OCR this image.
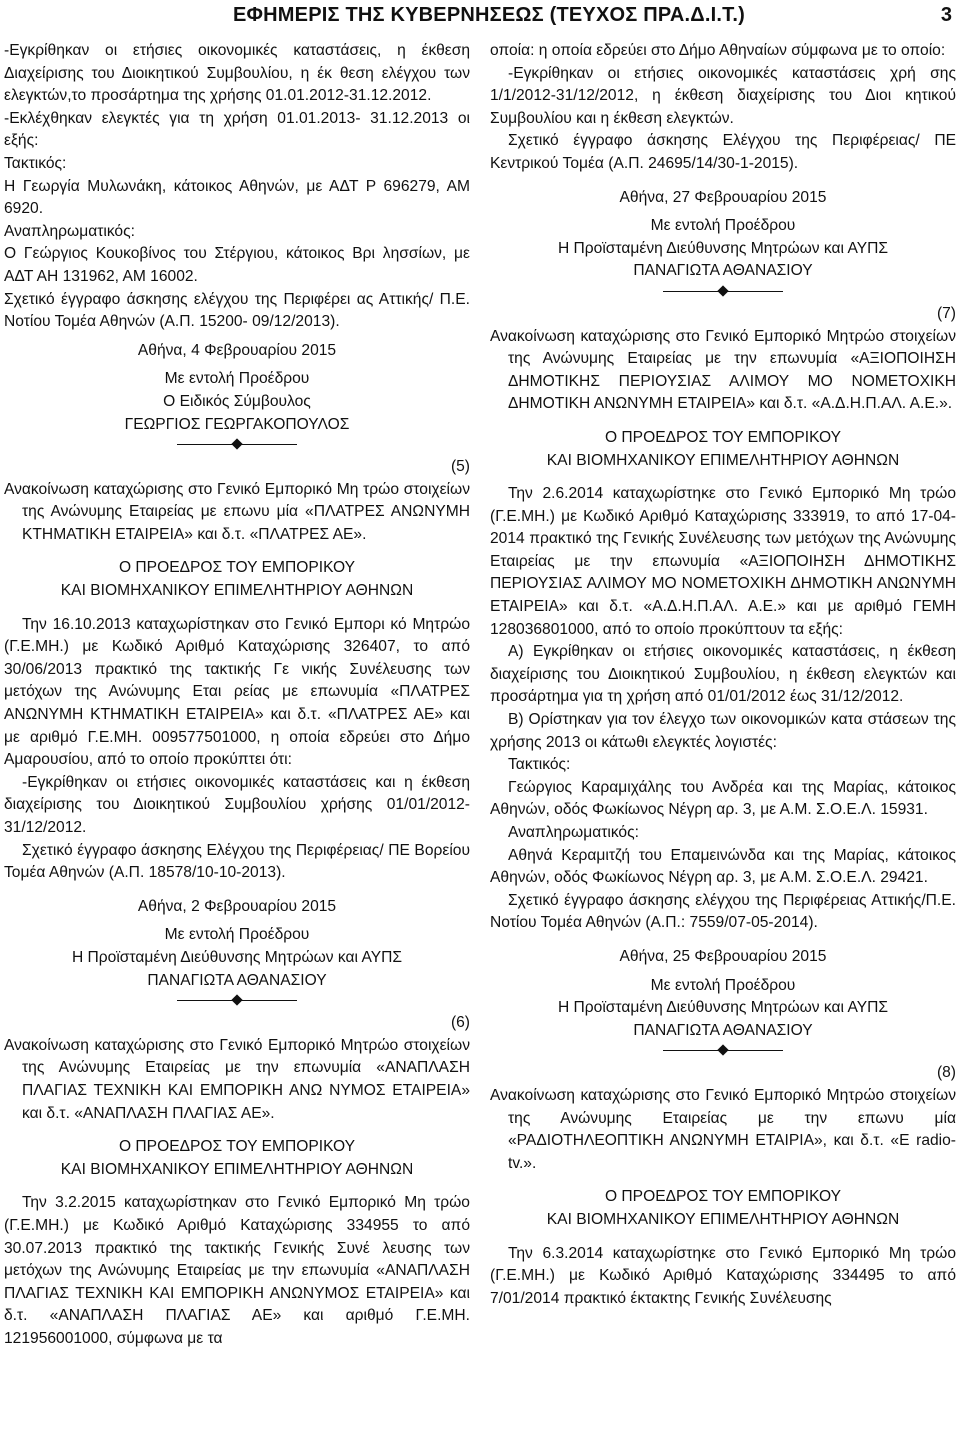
ΕΦΗΜΕΡΙΣ ΤΗΣ ΚΥΒΕΡΝΗΣΕΩΣ (ΤΕΥΧΟΣ ΠΡΑ.Δ.Ι.Τ.)	3

-Εγκρίθηκαν οι ετήσιες οικονομικές καταστάσεις, η έκθεση Διαχείρισης του Διοικητικού Συμβουλίου, η έκ θεση ελέγχου των ελεγκτών,το προσάρτημα της χρήσης 01.01.2012-31.12.2012.

-Εκλέχθηκαν ελεγκτές για τη χρήση 01.01.2013- 31.12.2013 οι εξής:

Τακτικός:

Η Γεωργία Μυλωνάκη, κάτοικος Αθηνών, με ΑΔΤ Ρ 696279, ΑΜ 6920.

Αναπληρωματικός:

Ο Γεώργιος Κουκοβίνος του Στέργιου, κάτοικος Βρι λησσίων, με ΑΔΤ ΑΗ 131962, ΑΜ 16002.

Σχετικό έγγραφο άσκησης ελέγχου της Περιφέρει ας Αττικής/ Π.Ε. Νοτίου Τομέα Αθηνών (Α.Π. 15200- 09/12/2013).

Αθήνα, 4 Φεβρουαρίου 2015

Με εντολή Προέδρου

Ο Ειδικός Σύμβουλος

ΓΕΩΡΓΙΟΣ ΓΕΩΡΓΑΚΟΠΟΥΛΟΣ

(5)

Ανακοίνωση καταχώρισης στο Γενικό Εμπορικό Μη τρώο στοιχείων της Ανώνυμης Εταιρείας με επωνυ μία «ΠΛΑΤΡΕΣ ΑΝΩΝΥΜΗ ΚΤΗΜΑΤΙΚΗ ΕΤΑΙΡΕΙΑ» και δ.τ. «ΠΛΑΤΡΕΣ ΑΕ».

Ο ΠΡΟΕΔΡΟΣ ΤΟΥ ΕΜΠΟΡΙΚΟΥ

ΚΑΙ ΒΙΟΜΗΧΑΝΙΚΟΥ ΕΠΙΜΕΛΗΤΗΡΙΟΥ ΑΘΗΝΩΝ

Την 16.10.2013 καταχωρίστηκαν στο Γενικό Εμπορι κό Μητρώο (Γ.Ε.ΜΗ.) με Κωδικό Αριθμό Καταχώρισης 326407, το από 30/06/2013 πρακτικό της τακτικής Γε νικής Συνέλευσης των μετόχων της Ανώνυμης Εται ρείας με επωνυμία «ΠΛΑΤΡΕΣ ΑΝΩΝΥΜΗ ΚΤΗΜΑΤΙΚΗ ΕΤΑΙΡΕΙΑ» και δ.τ. «ΠΛΑΤΡΕΣ ΑΕ» και με αριθμό Γ.Ε.ΜΗ. 009577501000, η οποία εδρεύει στο Δήμο Αμαρουσίου, από το οποίο προκύπτει ότι:

-Εγκρίθηκαν οι ετήσιες οικονομικές καταστάσεις και η έκθεση διαχείρισης του Διοικητικού Συμβουλίου χρήσης 01/01/2012-31/12/2012.

Σχετικό έγγραφο άσκησης Ελέγχου της Περιφέρειας/ ΠΕ Βορείου Τομέα Αθηνών (Α.Π. 18578/10-10-2013).

Αθήνα, 2 Φεβρουαρίου 2015

Με εντολή Προέδρου

Η Προϊσταμένη Διεύθυνσης Μητρώων και ΑΥΠΣ

ΠΑΝΑΓΙΩΤΑ ΑΘΑΝΑΣΙΟΥ

(6)

Ανακοίνωση καταχώρισης στο Γενικό Εμπορικό Μητρώο στοιχείων της Ανώνυμης Εταιρείας με την επωνυμία «ΑΝΑΠΛΑΣΗ ΠΛΑΓΙΑΣ ΤΕΧΝΙΚΗ ΚΑΙ ΕΜΠΟΡΙΚΗ ΑΝΩ ΝΥΜΟΣ ΕΤΑΙΡΕΙΑ» και δ.τ. «ΑΝΑΠΛΑΣΗ ΠΛΑΓΙΑΣ ΑΕ».

Ο ΠΡΟΕΔΡΟΣ ΤΟΥ ΕΜΠΟΡΙΚΟΥ

ΚΑΙ ΒΙΟΜΗΧΑΝΙΚΟΥ ΕΠΙΜΕΛΗΤΗΡΙΟΥ ΑΘΗΝΩΝ

Την 3.2.2015 καταχωρίστηκαν στο Γενικό Εμπορικό Μη τρώο (Γ.Ε.ΜΗ.) με Κωδικό Αριθμό Καταχώρισης 334955 το από 30.07.2013 πρακτικό της τακτικής Γενικής Συνέ λευσης των μετόχων της Ανώνυμης Εταιρείας με την επωνυμία «ΑΝΑΠΛΑΣΗ ΠΛΑΓΙΑΣ ΤΕΧΝΙΚΗ ΚΑΙ ΕΜΠΟΡΙΚΗ ΑΝΩΝΥΜΟΣ ΕΤΑΙΡΕΙΑ» και δ.τ. «ΑΝΑΠΛΑΣΗ ΠΛΑΓΙΑΣ ΑΕ» και αριθμό Γ.Ε.ΜΗ. 121956001000, σύμφωνα με τα

οποία: η οποία εδρεύει στο Δήμο Αθηναίων σύμφωνα με το οποίο:

-Εγκρίθηκαν οι ετήσιες οικονομικές καταστάσεις χρή σης 1/1/2012-31/12/2012, η έκθεση διαχείρισης του Διοι κητικού Συμβουλίου και η έκθεση ελεγκτών.

Σχετικό έγγραφο άσκησης Ελέγχου της Περιφέρειας/ ΠΕ Κεντρικού Τομέα (Α.Π. 24695/14/30-1-2015).

Αθήνα, 27 Φεβρουαρίου 2015

Με εντολή Προέδρου

Η Προϊσταμένη Διεύθυνσης Μητρώων και ΑΥΠΣ

ΠΑΝΑΓΙΩΤΑ ΑΘΑΝΑΣΙΟΥ

(7)

Ανακοίνωση καταχώρισης στο Γενικό Εμπορικό Μητρώο στοιχείων της Ανώνυμης Εταιρείας με την επωνυμία «ΑΞΙΟΠΟΙΗΣΗ ΔΗΜΟΤΙΚΗΣ ΠΕΡΙΟΥΣΙΑΣ ΑΛΙΜΟΥ ΜΟ ΝΟΜΕΤΟΧΙΚΗ ΔΗΜΟΤΙΚΗ ΑΝΩΝΥΜΗ ΕΤΑΙΡΕΙΑ» και δ.τ. «Α.Δ.Η.Π.ΑΛ. Α.Ε.».

Ο ΠΡΟΕΔΡΟΣ ΤΟΥ ΕΜΠΟΡΙΚΟΥ

ΚΑΙ ΒΙΟΜΗΧΑΝΙΚΟΥ ΕΠΙΜΕΛΗΤΗΡΙΟΥ ΑΘΗΝΩΝ

Την 2.6.2014 καταχωρίστηκε στο Γενικό Εμπορικό Μη τρώο (Γ.Ε.ΜΗ.) με Κωδικό Αριθμό Καταχώρισης 333919, το από 17-04-2014 πρακτικό της Γενικής Συνέλευσης των μετόχων της Ανώνυμης Εταιρείας με την επωνυμία «ΑΞΙΟΠΟΙΗΣΗ ΔΗΜΟΤΙΚΗΣ ΠΕΡΙΟΥΣΙΑΣ ΑΛΙΜΟΥ ΜΟ ΝΟΜΕΤΟΧΙΚΗ ΔΗΜΟΤΙΚΗ ΑΝΩΝΥΜΗ ΕΤΑΙΡΕΙΑ» και δ.τ. «Α.Δ.Η.Π.ΑΛ. Α.Ε.» και με αριθμό ΓΕΜΗ 128036801000, από το οποίο προκύπτουν τα εξής:

Α) Εγκρίθηκαν οι ετήσιες οικονομικές καταστάσεις, η έκθεση διαχείρισης του Διοικητικού Συμβουλίου, η έκθεση ελεγκτών και προσάρτημα για τη χρήση από 01/01/2012 έως 31/12/2012.

Β) Ορίστηκαν για τον έλεγχο των οικονομικών κατα στάσεων της χρήσης 2013 οι κάτωθι ελεγκτές λογιστές:

Τακτικός:

Γεώργιος Καραμιχάλης του Ανδρέα και της Μαρίας, κάτοικος Αθηνών, οδός Φωκίωνος Νέγρη αρ. 3, με Α.Μ. Σ.Ο.Ε.Λ. 15931.

Αναπληρωματικός:

Αθηνά Κεραμιτζή του Επαμεινώνδα και της Μαρίας, κάτοικος Αθηνών, οδός Φωκίωνος Νέγρη αρ. 3, με Α.Μ. Σ.Ο.Ε.Λ. 29421.

Σχετικό έγγραφο άσκησης ελέγχου της Περιφέρειας Αττικής/Π.Ε. Νοτίου Τομέα Αθηνών (Α.Π.: 7559/07-05-2014).

Αθήνα, 25 Φεβρουαρίου 2015

Με εντολή Προέδρου

Η Προϊσταμένη Διεύθυνσης Μητρώων και ΑΥΠΣ

ΠΑΝΑΓΙΩΤΑ ΑΘΑΝΑΣΙΟΥ

(8)

Ανακοίνωση καταχώρισης στο Γενικό Εμπορικό Μητρώο στοιχείων της Ανώνυμης Εταιρείας με την επωνυ μία «ΡΑΔΙΟΤΗΛΕΟΠΤΙΚΗ ΑΝΩΝΥΜΗ ΕΤΑΙΡΙΑ», και δ.τ. «Ε radio-tv.».

Ο ΠΡΟΕΔΡΟΣ ΤΟΥ ΕΜΠΟΡΙΚΟΥ

ΚΑΙ ΒΙΟΜΗΧΑΝΙΚΟΥ ΕΠΙΜΕΛΗΤΗΡΙΟΥ ΑΘΗΝΩΝ

Την 6.3.2014 καταχωρίστηκε στο Γενικό Εμπορικό Μη τρώο (Γ.Ε.ΜΗ.) με Κωδικό Αριθμό Καταχώρισης 334495 το από 7/01/2014 πρακτικό έκτακτης Γενικής Συνέλευσης
